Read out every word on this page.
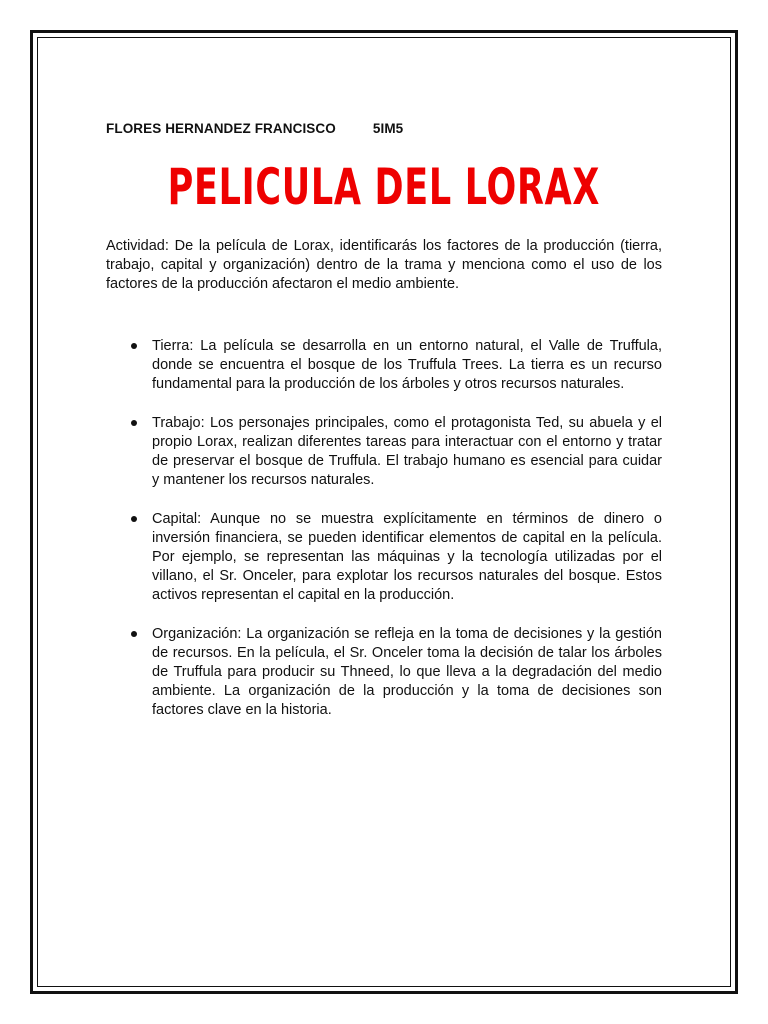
FLORES HERNANDEZ FRANCISCO	5IM5
PELICULA DEL LORAX

Actividad: De la película de Lorax, identificarás los factores de la producción (tierra, trabajo, capital y organización) dentro de la trama y menciona como el uso de los factores de la producción afectaron el medio ambiente.

Tierra: La película se desarrolla en un entorno natural, el Valle de Truffula, donde se encuentra el bosque de los Truffula Trees. La tierra es un recurso fundamental para la producción de los árboles y otros recursos naturales.
Trabajo: Los personajes principales, como el protagonista Ted, su abuela y el propio Lorax, realizan diferentes tareas para interactuar con el entorno y tratar de preservar el bosque de Truffula. El trabajo humano es esencial para cuidar y mantener los recursos naturales.
Capital: Aunque no se muestra explícitamente en términos de dinero o inversión financiera, se pueden identificar elementos de capital en la película. Por ejemplo, se representan las máquinas y la tecnología utilizadas por el villano, el Sr. Onceler, para explotar los recursos naturales del bosque. Estos activos representan el capital en la producción.
Organización: La organización se refleja en la toma de decisiones y la gestión de recursos. En la película, el Sr. Onceler toma la decisión de talar los árboles de Truffula para producir su Thneed, lo que lleva a la degradación del medio ambiente. La organización de la producción y la toma de decisiones son factores clave en la historia.
